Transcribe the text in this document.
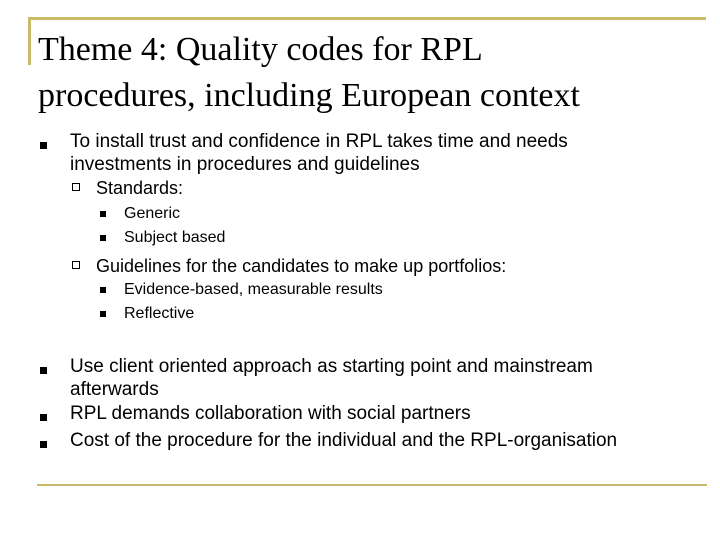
Theme 4: Quality codes for RPL
procedures, including European context
To install trust and confidence in RPL takes time and needs
investments in procedures and guidelines
Standards:
Generic
Subject based
Guidelines for the candidates to make up portfolios:
Evidence-based, measurable results
Reflective
Use client oriented approach as starting point and mainstream
afterwards
RPL demands collaboration with social partners
Cost of the procedure for the individual and the RPL-organisation
